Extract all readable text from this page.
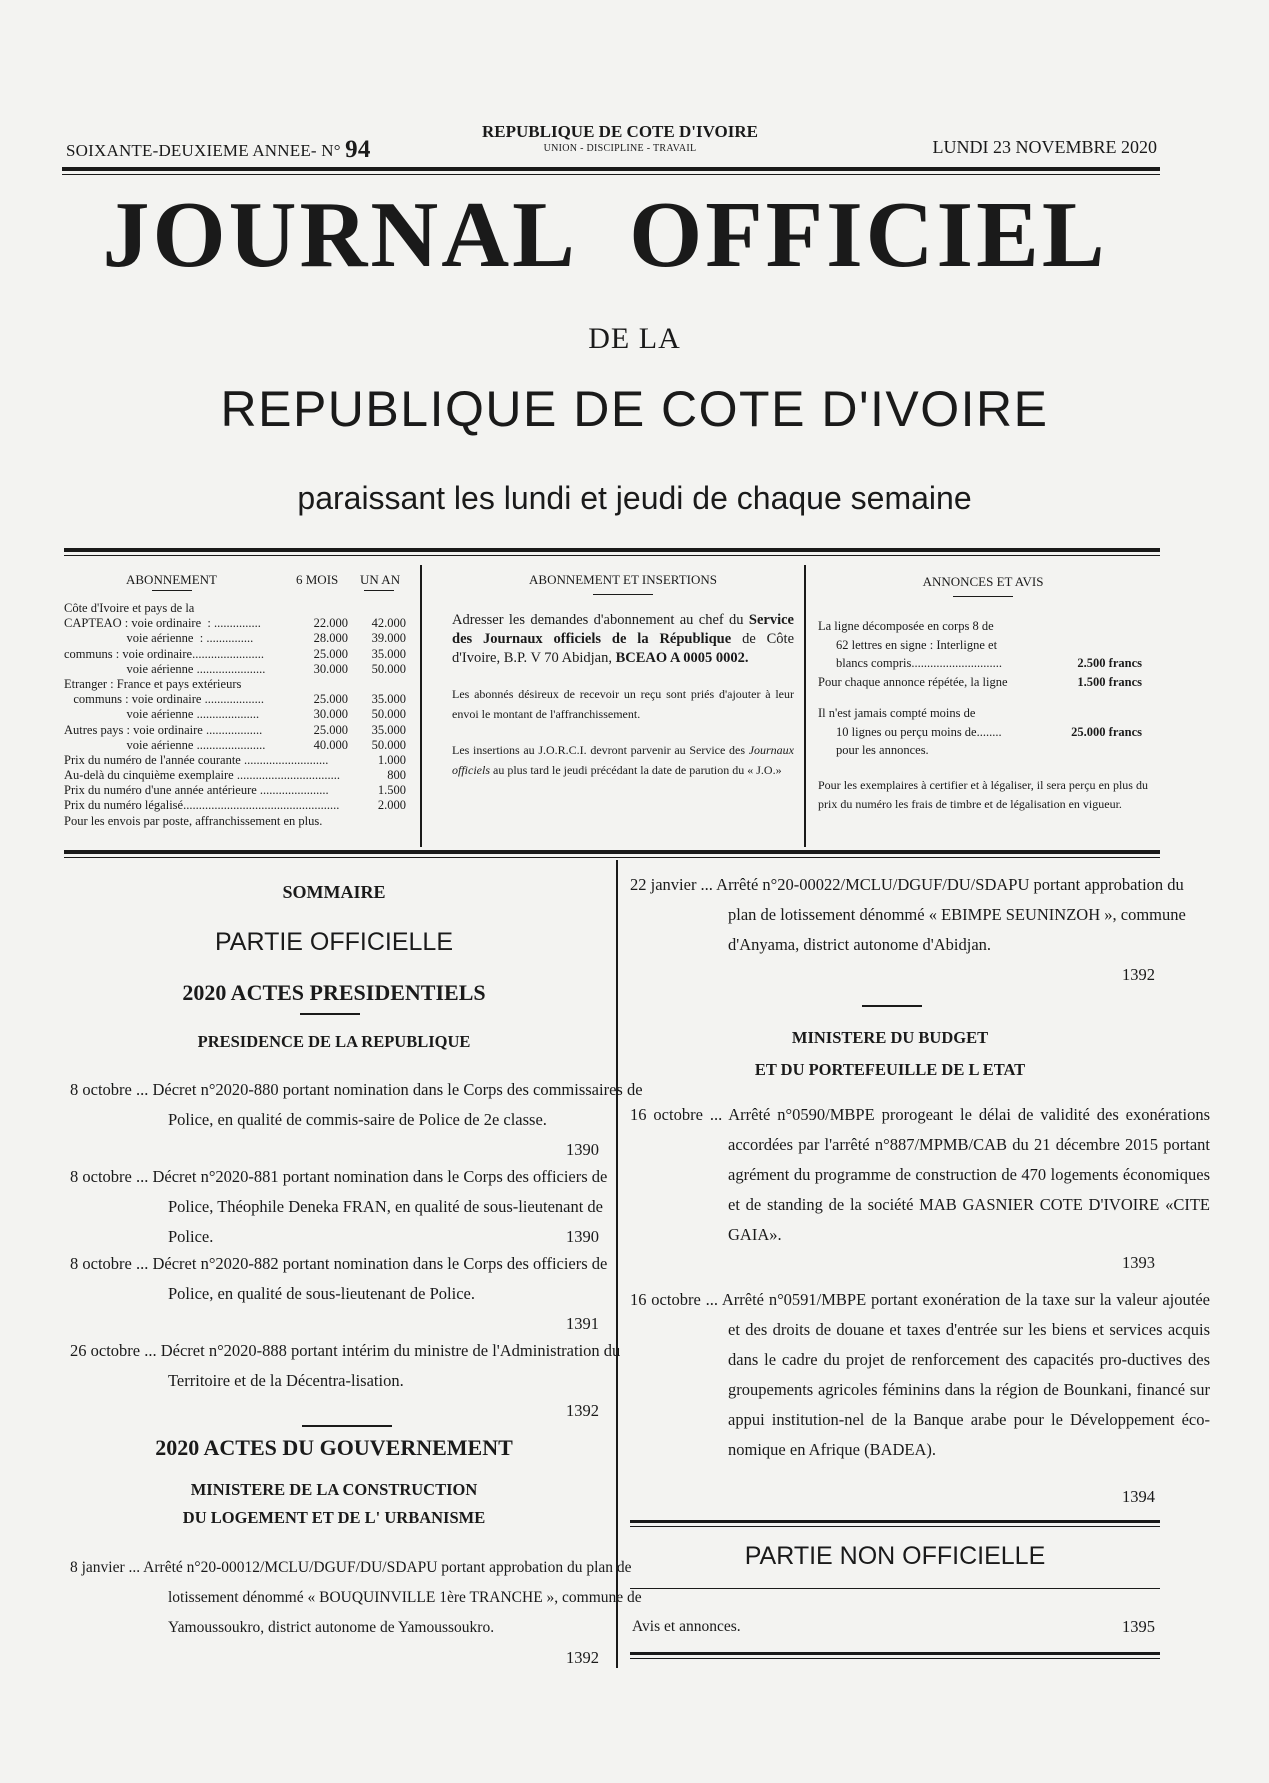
SOIXANTE-DEUXIEME ANNEE- N° 94
REPUBLIQUE DE COTE D'IVOIRE
UNION - DISCIPLINE - TRAVAIL	LUNDI 23 NOVEMBRE 2020
JOURNAL OFFICIEL
DE LA
REPUBLIQUE DE COTE D'IVOIRE
paraissant les lundi et jeudi de chaque semaine
ABONNEMENT	6 MOIS UN AN
Côte d'Ivoire et pays de la
CAPTEAO : voie ordinaire  : ...............	22.000 42.000
voie aérienne  : ...............	28.000 39.000
communs : voie ordinaire.......................	25.000 35.000
voie aérienne ......................	30.000 50.000
Etranger : France et pays extérieurs
communs : voie ordinaire ...................	25.000 35.000
voie aérienne ....................	30.000 50.000
Autres pays : voie ordinaire ..................	25.000 35.000
voie aérienne ......................	40.000 50.000
Prix du numéro de l'année courante ...........................	1.000
Au-delà du cinquième exemplaire .................................	800
Prix du numéro d'une année antérieure ......................	1.500
Prix du numéro légalisé..................................................	2.000
Pour les envois par poste, affranchissement en plus.
ABONNEMENT ET INSERTIONS
Adresser les demandes d'abonnement au chef du Service des Journaux officiels de la République de Côte d'Ivoire, B.P. V 70 Abidjan, BCEAO A 0005 0002.
Les abonnés désireux de recevoir un reçu sont priés d'ajouter à leur envoi le montant de l'affranchissement.
Les insertions au J.O.R.C.I. devront parvenir au Service des Journaux officiels au plus tard le jeudi précédant la date de parution du « J.O.»
ANNONCES ET AVIS
La ligne décomposée en corps 8 de
62 lettres en signe : Interligne et
blancs compris.............................	2.500 francs
Pour chaque annonce répétée, la ligne	1.500 francs
Il n'est jamais compté moins de
10 lignes ou perçu moins de........	25.000 francs
pour les annonces.
Pour les exemplaires à certifier et à légaliser, il sera perçu en plus du prix du numéro les frais de timbre et de légalisation en vigueur.
SOMMAIRE
PARTIE OFFICIELLE
2020 ACTES PRESIDENTIELS
PRESIDENCE DE LA REPUBLIQUE
8 octobre ... Décret n°2020-880 portant nomination dans le Corps des commissaires de Police, en qualité de commis-saire de Police de 2e classe.
1390
8 octobre ... Décret n°2020-881 portant nomination dans le Corps des officiers de Police, Théophile Deneka FRAN, en qualité de sous-lieutenant de Police.	1390
8 octobre ... Décret n°2020-882 portant nomination dans le Corps des officiers de Police, en qualité de sous-lieutenant de Police.
1391
26 octobre ... Décret n°2020-888 portant intérim du ministre de l'Administration du Territoire et de la Décentra-lisation.
1392
2020 ACTES DU GOUVERNEMENT
MINISTERE DE LA CONSTRUCTION
DU LOGEMENT ET DE L' URBANISME
8 janvier ... Arrêté n°20-00012/MCLU/DGUF/DU/SDAPU portant approbation du plan de lotissement dénommé « BOUQUINVILLE 1ère TRANCHE », commune de Yamoussoukro, district autonome de Yamoussoukro.
1392
22 janvier ... Arrêté n°20-00022/MCLU/DGUF/DU/SDAPU portant approbation du plan de lotissement dénommé « EBIMPE SEUNINZOH », commune d'Anyama, district autonome d'Abidjan.
1392
MINISTERE DU BUDGET
ET DU PORTEFEUILLE DE L ETAT
16 octobre ... Arrêté n°0590/MBPE prorogeant le délai de validité des exonérations accordées par l'arrêté n°887/MPMB/CAB du 21 décembre 2015 portant agrément du programme de construction de 470 logements économiques et de standing de la société MAB GASNIER COTE D'IVOIRE «CITE GAIA».
1393
16 octobre ... Arrêté n°0591/MBPE portant exonération de la taxe sur la valeur ajoutée et des droits de douane et taxes d'entrée sur les biens et services acquis dans le cadre du projet de renforcement des capacités pro-ductives des groupements agricoles féminins dans la région de Bounkani, financé sur appui institution-nel de la Banque arabe pour le Développement éco-nomique en Afrique (BADEA).
1394
PARTIE NON OFFICIELLE
Avis et annonces.	1395
